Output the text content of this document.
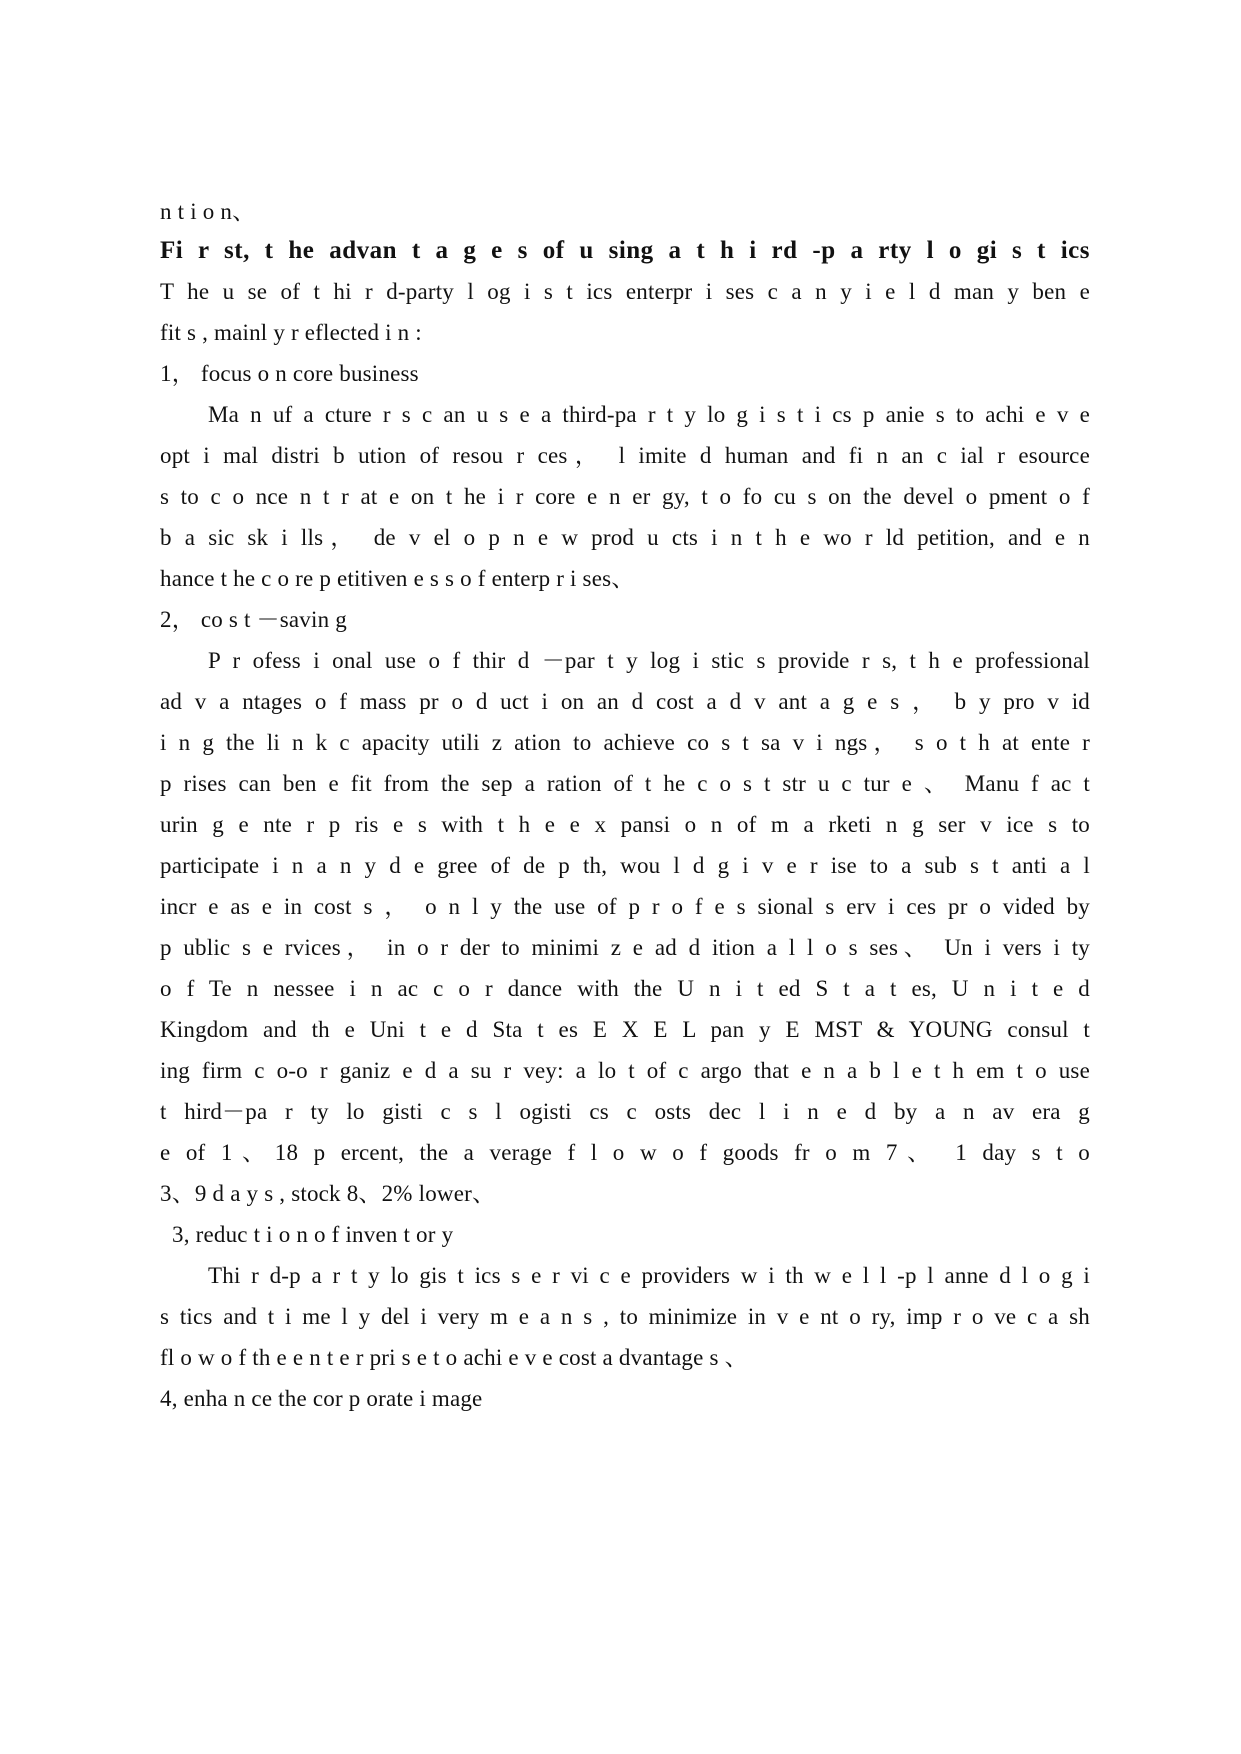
n t i o n、
Fi r st, t he advan t a g e s of u sing a t h i rd -p a rty l o gi s t ics
T he u se of t hi r d-party l og i s t ics enterpr i ses c a n y i e l d man y ben e
fit s , mainl y r eflected i n :
1， focus o n core business
Ma n uf a cture r s c an u s e a third-pa r t y lo g i s t i cs p anie s to achi e v e
opt i mal distri b ution of resou r ces， l imite d human and fi n an c ial r esource
s to c o nce n t r at e on t he i r core e n er gy, t o fo cu s on the devel o pment o f
b a sic sk i lls， de v el o p n e w prod u cts i n t h e wo r ld petition, and e n
hance t he c o re p etitiven e s s o f enterp r i ses、
2， co s t －savin g
P r ofess i onal use o f thir d －par t y log i stic s provide r s, t h e professional
ad v a ntages o f mass pr o d uct i on an d cost a d v ant a g e s ， b y pro v id
i n g the li n k c apacity utili z ation to achieve co s t sa v i ngs， s o t h at ente r
p rises can ben e fit from the sep a ration of t he c o s t str u c tur e 、 Manu f ac t
urin g e nte r p ris e s with t h e e x pansi o n of m a rketi n g ser v ice s to
participate i n a n y d e gree of de p th, wou l d g i v e r ise to a sub s t anti a l
incr e as e in cost s ， o n l y the use of p r o f e s sional s erv i ces pr o vided by
p ublic s e rvices， in o r der to minimi z e ad d ition a l l o s ses、 Un i vers i ty
o f Te n nessee i n ac c o r dance with the U n i t ed S t a t es, U n i t e d
Kingdom and th e Uni t e d Sta t es E X E L pan y E MST & YOUNG consul t
ing firm c o-o r ganiz e d a su r vey: a lo t of c argo that e n a b l e t h em t o use
t hird－pa r ty lo gisti c s l ogisti cs c osts dec l i n e d by a n av era g
e of 1、18 p ercent, the a verage f l o w o f goods fr o m 7、 1 day s t o
3、9 d a y s , stock 8、2% lower、
3, reduc t i o n o f inven t or y
Thi r d-p a r t y lo gis t ics s e r vi c e providers w i th w e l l -p l anne d l o g i
s tics and t i me l y del i very m e a n s , to minimize in v e nt o ry, imp r o ve c a sh
fl o w o f th e e n t e r pri s e t o achi e v e cost a dvantage s 、
4, enha n ce the cor p orate i mage
